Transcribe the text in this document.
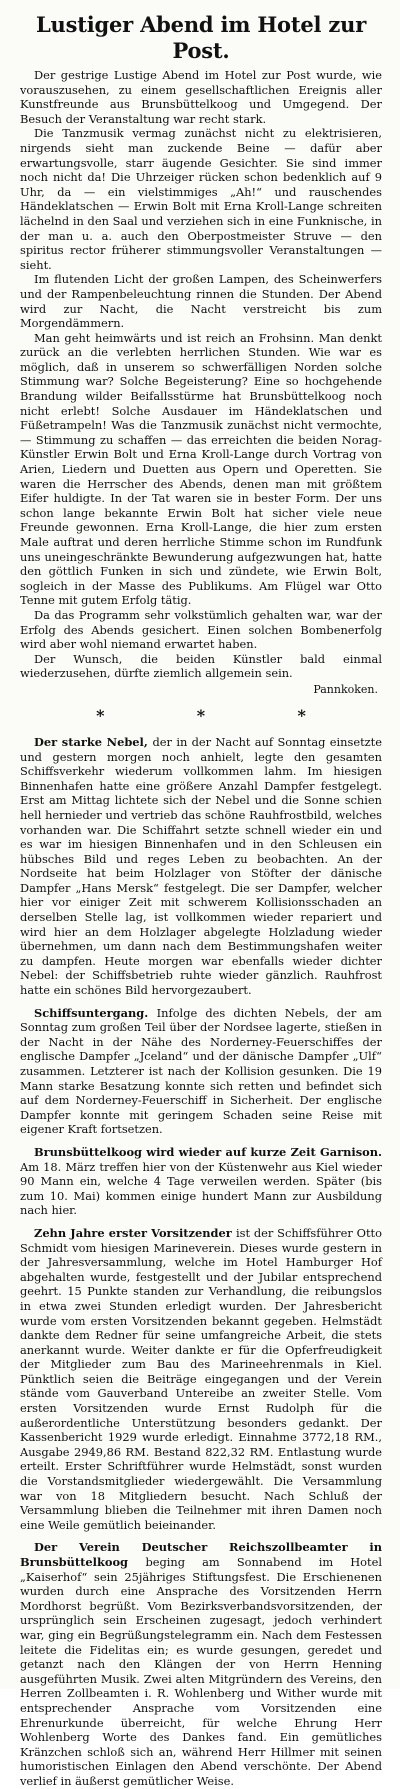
Lustiger Abend im Hotel zur Post.

Der gestrige Lustige Abend im Hotel zur Post wurde, wie vorauszusehen, zu einem gesellschaftlichen Ereignis aller Kunstfreunde aus Brunsbüttelkoog und Umgegend. Der Besuch der Veranstaltung war recht stark.

Die Tanzmusik vermag zunächst nicht zu elektrisieren, nirgends sieht man zuckende Beine — dafür aber erwartungsvolle, starr äugende Gesichter. Sie sind immer noch nicht da! Die Uhrzeiger rücken schon bedenklich auf 9 Uhr, da — ein vielstimmiges „Ah!“ und rauschendes Händeklatschen — Erwin Bolt mit Erna Kroll-Lange schreiten lächelnd in den Saal und verziehen sich in eine Funknische, in der man u. a. auch den Oberpostmeister Struve — den spiritus rector früherer stimmungsvoller Veranstaltungen — sieht.

Im flutenden Licht der großen Lampen, des Scheinwerfers und der Rampenbeleuchtung rinnen die Stunden. Der Abend wird zur Nacht, die Nacht verstreicht bis zum Morgendämmern.

Man geht heimwärts und ist reich an Frohsinn. Man denkt zurück an die verlebten herrlichen Stunden. Wie war es möglich, daß in unserem so schwerfälligen Norden solche Stimmung war? Solche Begeisterung? Eine so hochgehende Brandung wilder Beifallsstürme hat Brunsbüttelkoog noch nicht erlebt! Solche Ausdauer im Händeklatschen und Füßetrampeln! Was die Tanzmusik zunächst nicht vermochte, — Stimmung zu schaffen — das erreichten die beiden Norag-Künstler Erwin Bolt und Erna Kroll-Lange durch Vortrag von Arien, Liedern und Duetten aus Opern und Operetten. Sie waren die Herrscher des Abends, denen man mit größtem Eifer huldigte. In der Tat waren sie in bester Form. Der uns schon lange bekannte Erwin Bolt hat sicher viele neue Freunde gewonnen. Erna Kroll-Lange, die hier zum ersten Male auftrat und deren herrliche Stimme schon im Rundfunk uns uneingeschränkte Bewunderung aufgezwungen hat, hatte den göttlich Funken in sich und zündete, wie Erwin Bolt, sogleich in der Masse des Publikums. Am Flügel war Otto Tenne mit gutem Erfolg tätig.

Da das Programm sehr volkstümlich gehalten war, war der Erfolg des Abends gesichert. Einen solchen Bombenerfolg wird aber wohl niemand erwartet haben.

Der Wunsch, die beiden Künstler bald einmal wiederzusehen, dürfte ziemlich allgemein sein.

Pannkoken.
*	*	*

Der starke Nebel, der in der Nacht auf Sonntag einsetzte und gestern morgen noch anhielt, legte den gesamten Schiffsverkehr wiederum vollkommen lahm. Im hiesigen Binnenhafen hatte eine größere Anzahl Dampfer festgelegt. Erst am Mittag lichtete sich der Nebel und die Sonne schien hell hernieder und vertrieb das schöne Rauhfrostbild, welches vorhanden war. Die Schiffahrt setzte schnell wieder ein und es war im hiesigen Binnenhafen und in den Schleusen ein hübsches Bild und reges Leben zu beobachten. An der Nordseite hat beim Holzlager von Stöfter der dänische Dampfer „Hans Mersk“ festgelegt. Die ser Dampfer, welcher hier vor einiger Zeit mit schwerem Kollisionsschaden an derselben Stelle lag, ist vollkommen wieder repariert und wird hier an dem Holzlager abgelegte Holzladung wieder übernehmen, um dann nach dem Bestimmungshafen weiter zu dampfen. Heute morgen war ebenfalls wieder dichter Nebel: der Schiffsbetrieb ruhte wieder gänzlich. Rauhfrost hatte ein schönes Bild hervorgezaubert.

Schiffsuntergang. Infolge des dichten Nebels, der am Sonntag zum großen Teil über der Nordsee lagerte, stießen in der Nacht in der Nähe des Norderney-Feuerschiffes der englische Dampfer „Jceland“ und der dänische Dampfer „Ulf“ zusammen. Letzterer ist nach der Kollision gesunken. Die 19 Mann starke Besatzung konnte sich retten und befindet sich auf dem Norderney-Feuerschiff in Sicherheit. Der englische Dampfer konnte mit geringem Schaden seine Reise mit eigener Kraft fortsetzen.

Brunsbüttelkoog wird wieder auf kurze Zeit Garnison. Am 18. März treffen hier von der Küstenwehr aus Kiel wieder 90 Mann ein, welche 4 Tage verweilen werden. Später (bis zum 10. Mai) kommen einige hundert Mann zur Ausbildung nach hier.

Zehn Jahre erster Vorsitzender ist der Schiffsführer Otto Schmidt vom hiesigen Marineverein. Dieses wurde gestern in der Jahresversammlung, welche im Hotel Hamburger Hof abgehalten wurde, festgestellt und der Jubilar entsprechend geehrt. 15 Punkte standen zur Verhandlung, die reibungslos in etwa zwei Stunden erledigt wurden. Der Jahresbericht wurde vom ersten Vorsitzenden bekannt gegeben. Helmstädt dankte dem Redner für seine umfangreiche Arbeit, die stets anerkannt wurde. Weiter dankte er für die Opferfreudigkeit der Mitglieder zum Bau des Marineehrenmals in Kiel. Pünktlich seien die Beiträge eingegangen und der Verein stände vom Gauverband Untereibe an zweiter Stelle. Vom ersten Vorsitzenden wurde Ernst Rudolph für die außerordentliche Unterstützung besonders gedankt. Der Kassenbericht 1929 wurde erledigt. Einnahme 3772,18 RM., Ausgabe 2949,86 RM. Bestand 822,32 RM. Entlastung wurde erteilt. Erster Schriftführer wurde Helmstädt, sonst wurden die Vorstandsmitglieder wiedergewählt. Die Versammlung war von 18 Mitgliedern besucht. Nach Schluß der Versammlung blieben die Teilnehmer mit ihren Damen noch eine Weile gemütlich beieinander.

Der Verein Deutscher Reichszollbeamter in Brunsbüttelkoog beging am Sonnabend im Hotel „Kaiserhof“ sein 25jähriges Stiftungsfest. Die Erschienenen wurden durch eine Ansprache des Vorsitzenden Herrn Mordhorst begrüßt. Vom Bezirksverbandsvorsitzenden, der ursprünglich sein Erscheinen zugesagt, jedoch verhindert war, ging ein Begrüßungstelegramm ein. Nach dem Festessen leitete die Fidelitas ein; es wurde gesungen, geredet und getanzt nach den Klängen der von Herrn Henning ausgeführten Musik. Zwei alten Mitgründern des Vereins, den Herren Zollbeamten i. R. Wohlenberg und Wither wurde mit entsprechender Ansprache vom Vorsitzenden eine Ehrenurkunde überreicht, für welche Ehrung Herr Wohlenberg Worte des Dankes fand. Ein gemütliches Kränzchen schloß sich an, während Herr Hillmer mit seinen humoristischen Einlagen den Abend verschönte. Der Abend verlief in äußerst gemütlicher Weise.
